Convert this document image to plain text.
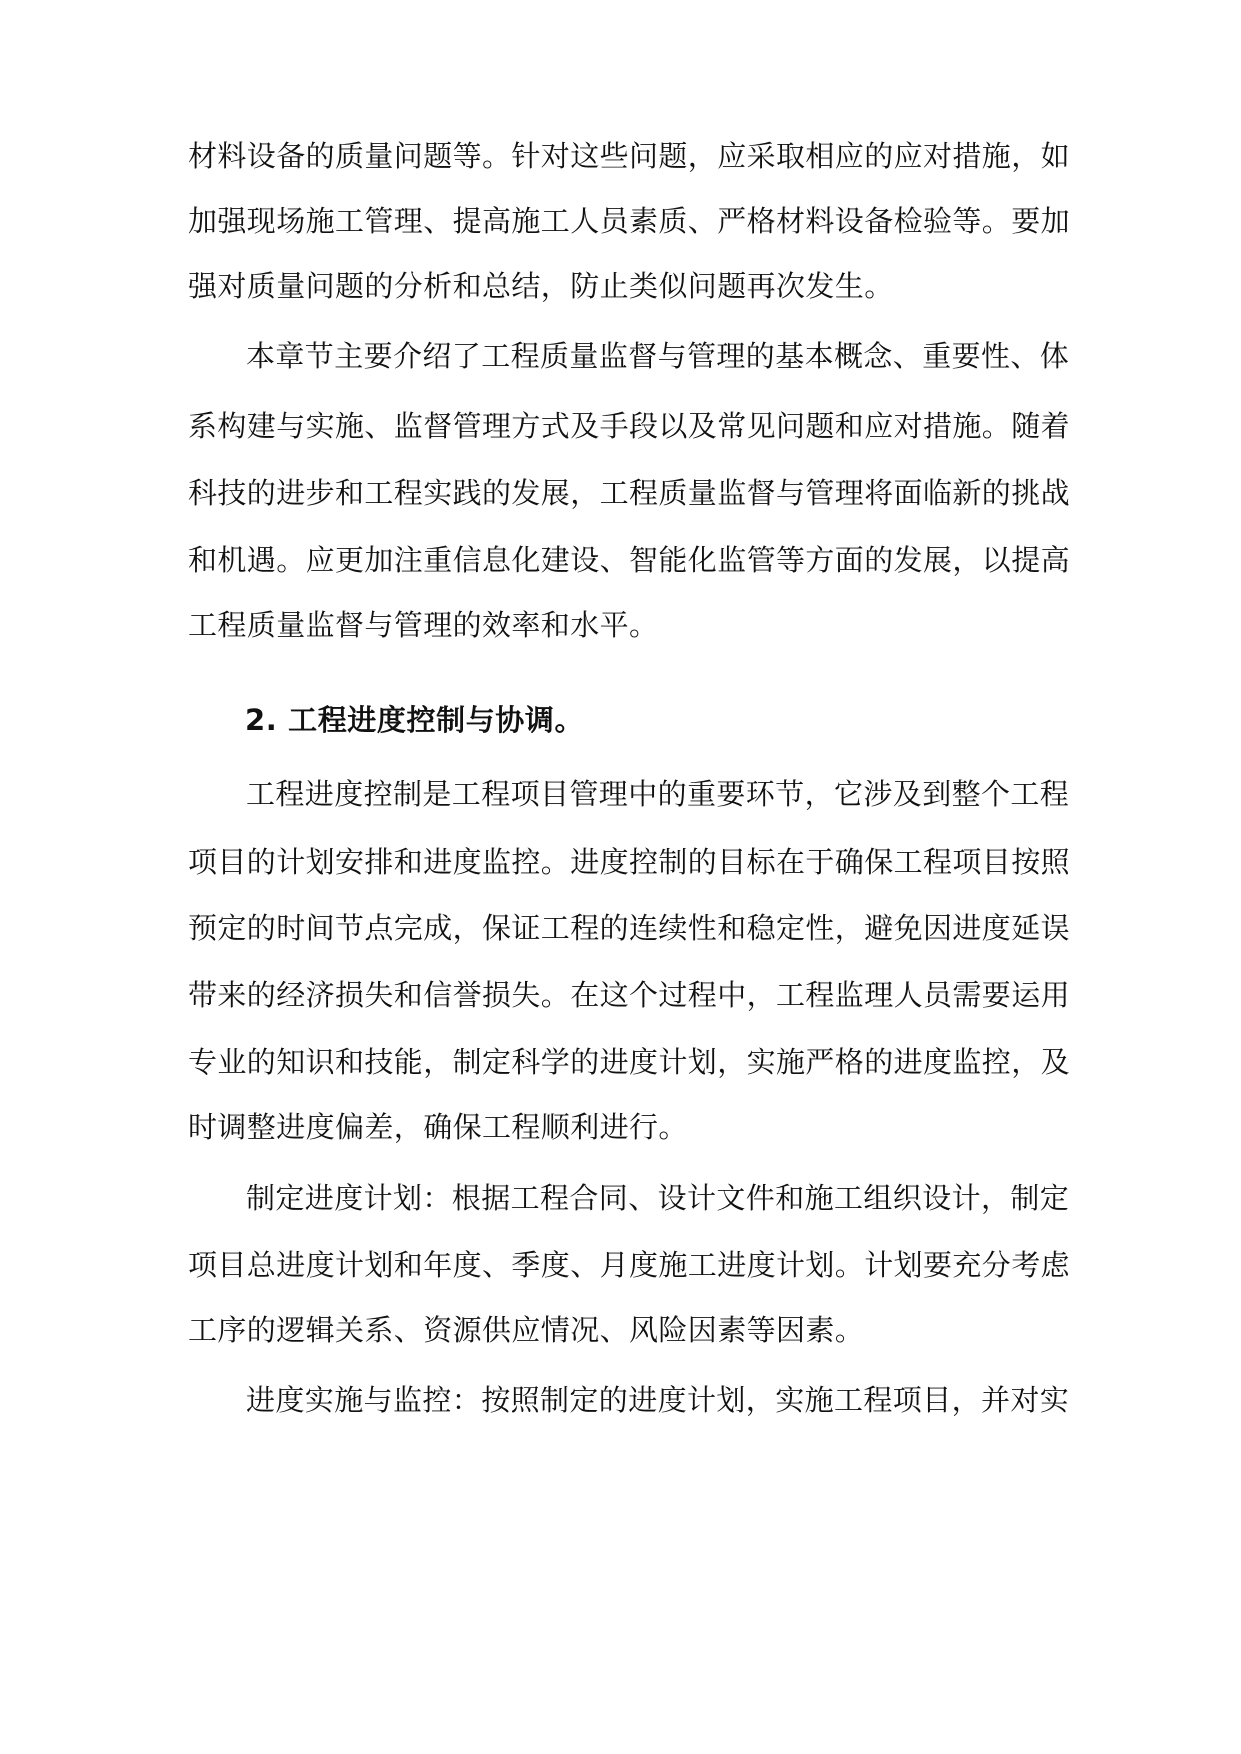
材料设备的质量问题等。针对这些问题，应采取相应的应对措施，如
加强现场施工管理、提高施工人员素质、严格材料设备检验等。要加
强对质量问题的分析和总结，防止类似问题再次发生。
本章节主要介绍了工程质量监督与管理的基本概念、重要性、体
系构建与实施、监督管理方式及手段以及常见问题和应对措施。随着
科技的进步和工程实践的发展，工程质量监督与管理将面临新的挑战
和机遇。应更加注重信息化建设、智能化监管等方面的发展，以提高
工程质量监督与管理的效率和水平。
2. 工程进度控制与协调。
工程进度控制是工程项目管理中的重要环节，它涉及到整个工程
项目的计划安排和进度监控。进度控制的目标在于确保工程项目按照
预定的时间节点完成，保证工程的连续性和稳定性，避免因进度延误
带来的经济损失和信誉损失。在这个过程中，工程监理人员需要运用
专业的知识和技能，制定科学的进度计划，实施严格的进度监控，及
时调整进度偏差，确保工程顺利进行。
制定进度计划：根据工程合同、设计文件和施工组织设计，制定
项目总进度计划和年度、季度、月度施工进度计划。计划要充分考虑
工序的逻辑关系、资源供应情况、风险因素等因素。
进度实施与监控：按照制定的进度计划，实施工程项目，并对实
